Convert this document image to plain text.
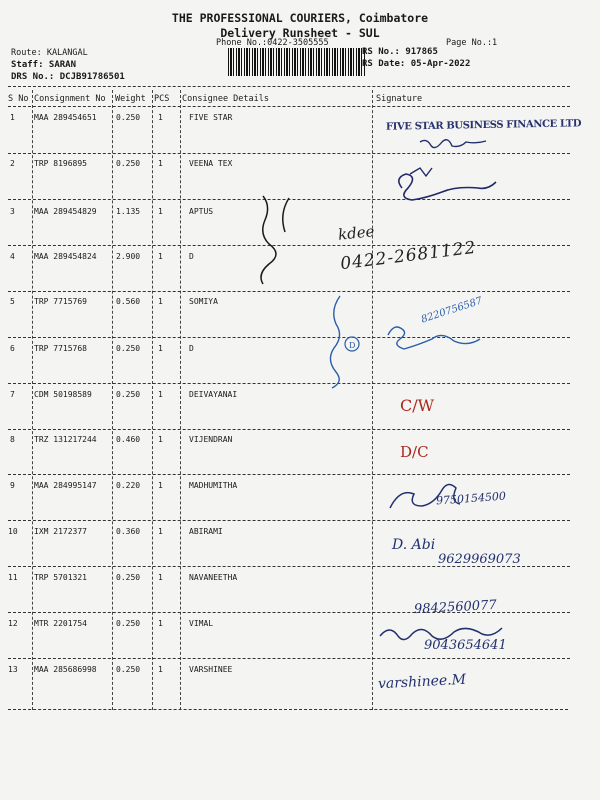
THE PROFESSIONAL COURIERS, Coimbatore
Delivery Runsheet - SUL
Phone No.:0422-3505555	Page No.:1
Route: KALANGAL
Staff: SARAN
DRS No.: DCJB91786501
RS No.: 917865
RS Date: 05-Apr-2022
S No Consignment No Weight PCS Consignee Details	Signature
1 MAA 289454651 0.250 1	FIVE STAR
2 TRP 8196895	0.250 1	VEENA TEX
3 MAA 289454829 1.135 1	APTUS
4 MAA 289454824 2.900 1	D
5 TRP 7715769	0.560 1	SOMIYA
6 TRP 7715768	0.250 1	D
7 CDM 50198589	0.250 1	DEIVAYANAI
8 TRZ 131217244 0.460 1	VIJENDRAN
9 MAA 284995147 0.220 1	MADHUMITHA
10 IXM 2172377	0.360 1	ABIRAMI
11 TRP 5701321	0.250 1	NAVANEETHA
12 MTR 2201754	0.250 1	VIMAL
13 MAA 285686998 0.250 1	VARSHINEE
FIVE STAR BUSINESS FINANCE LTD
D
kdee
0422-2681122
8220756587
C/W
D/C
9750154500
D. Abi
9629969073
9842560077
9043654641
varshinee.M
